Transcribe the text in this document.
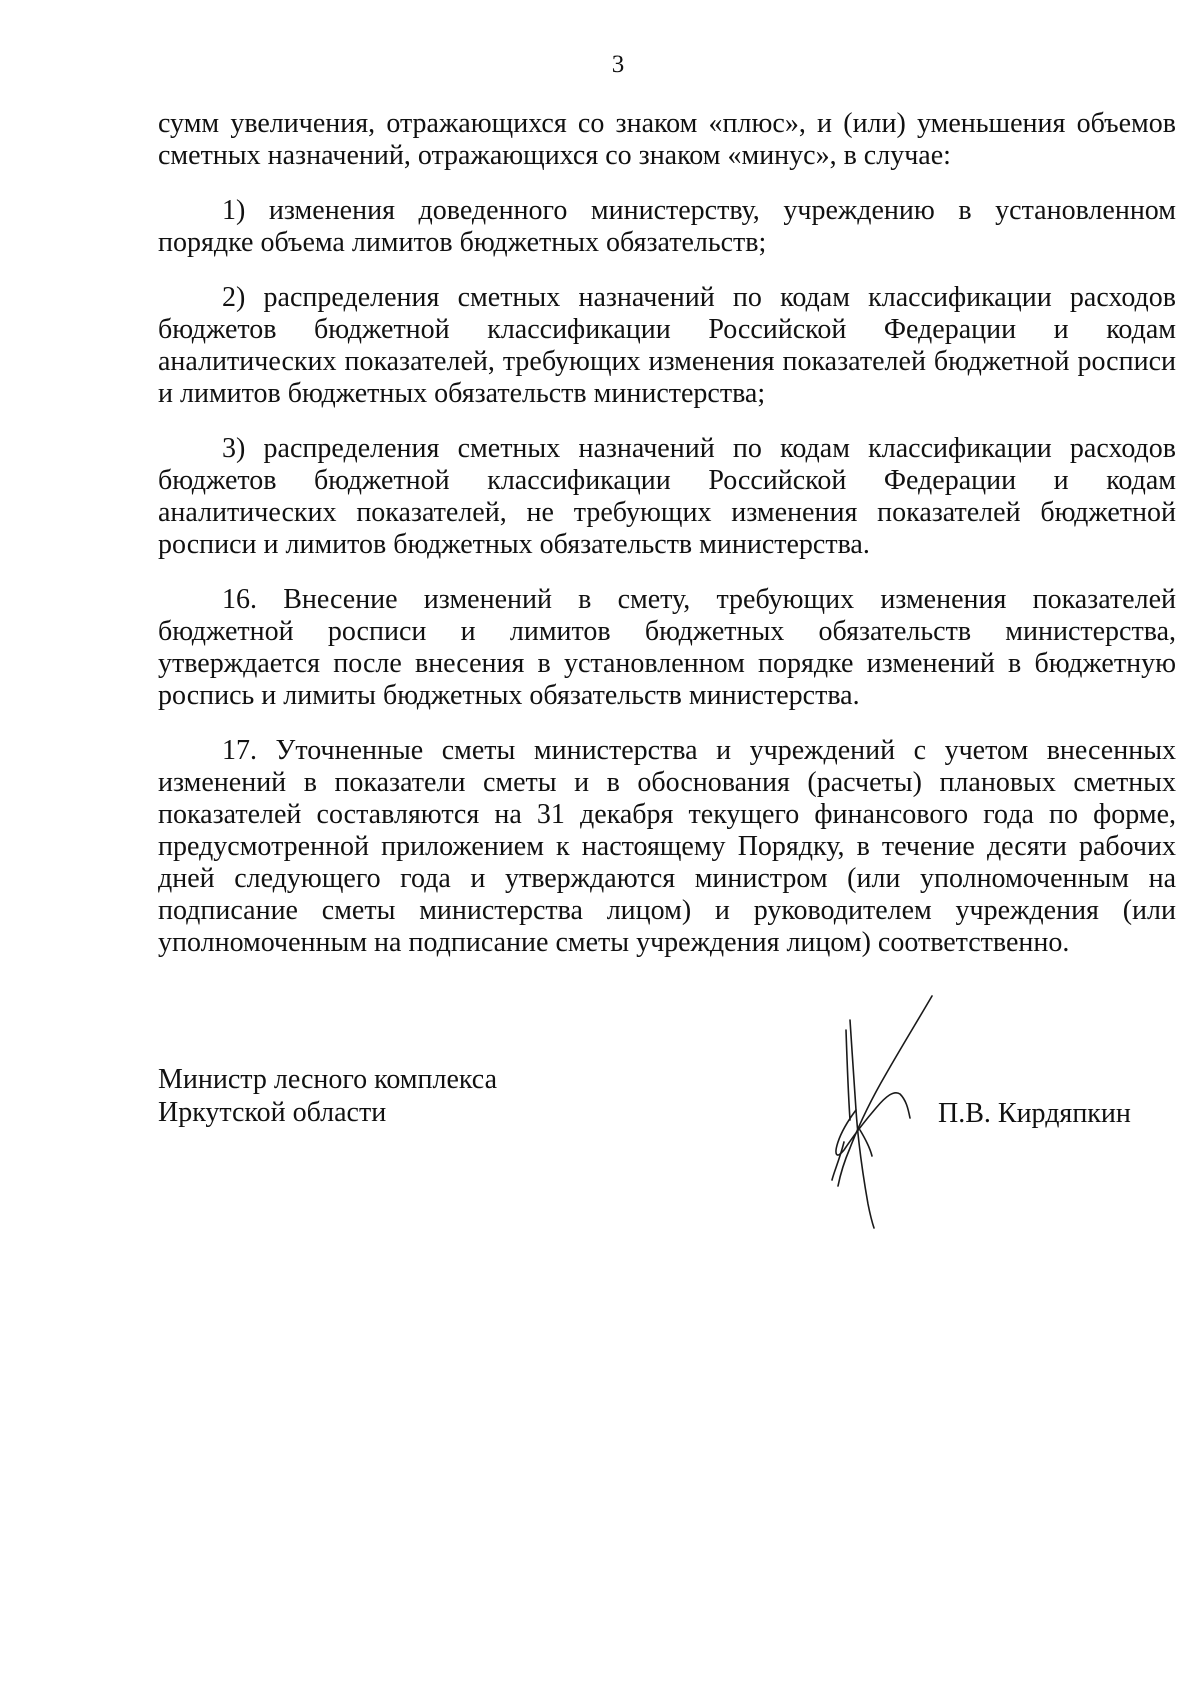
3

сумм увеличения, отражающихся со знаком «плюс», и (или) уменьшения объемов сметных назначений, отражающихся со знаком «минус», в случае:

1) изменения доведенного министерству, учреждению в установленном порядке объема лимитов бюджетных обязательств;

2) распределения сметных назначений по кодам классификации расходов бюджетов бюджетной классификации Российской Федерации и кодам аналитических показателей, требующих изменения показателей бюджетной росписи и лимитов бюджетных обязательств министерства;

3) распределения сметных назначений по кодам классификации расходов бюджетов бюджетной классификации Российской Федерации и кодам аналитических показателей, не требующих изменения показателей бюджетной росписи и лимитов бюджетных обязательств министерства.

16. Внесение изменений в смету, требующих изменения показателей бюджетной росписи и лимитов бюджетных обязательств министерства, утверждается после внесения в установленном порядке изменений в бюджетную роспись и лимиты бюджетных обязательств министерства.

17. Уточненные сметы министерства и учреждений с учетом внесенных изменений в показатели сметы и в обоснования (расчеты) плановых сметных показателей составляются на 31 декабря текущего финансового года по форме, предусмотренной приложением к настоящему Порядку, в течение десяти рабочих дней следующего года и утверждаются министром (или уполномоченным на подписание сметы министерства лицом) и руководителем учреждения (или уполномоченным на подписание сметы учреждения лицом) соответственно.

Министр лесного комплекса
Иркутской области	П.В. Кирдяпкин
